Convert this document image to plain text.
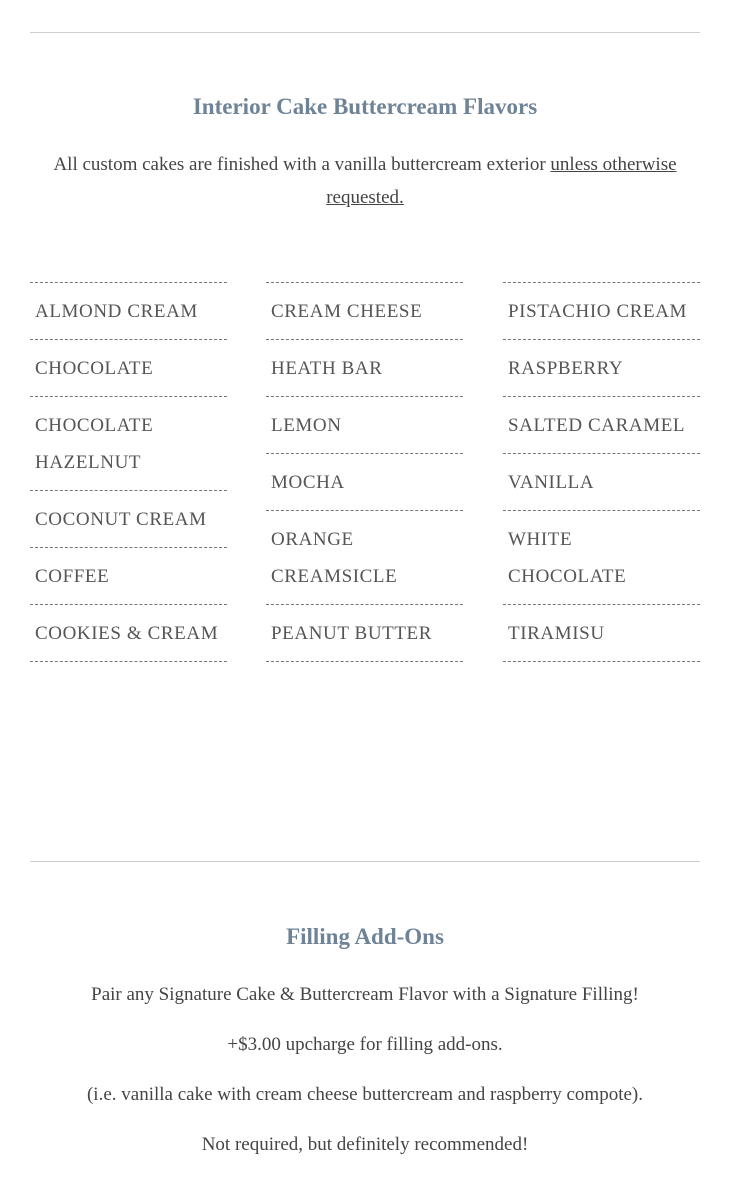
Interior Cake Buttercream Flavors

All custom cakes are finished with a vanilla buttercream exterior unless otherwise requested.

ALMOND CREAM
CHOCOLATE
CHOCOLATE HAZELNUT
COCONUT CREAM
COFFEE
COOKIES & CREAM
CREAM CHEESE
HEATH BAR
LEMON
MOCHA
ORANGE CREAMSICLE
PEANUT BUTTER
PISTACHIO CREAM
RASPBERRY
SALTED CARAMEL
VANILLA
WHITE CHOCOLATE
TIRAMISU
Filling Add-Ons

Pair any Signature Cake & Buttercream Flavor with a Signature Filling!

+$3.00 upcharge for filling add-ons.

(i.e. vanilla cake with cream cheese buttercream and raspberry compote).

Not required, but definitely recommended!
